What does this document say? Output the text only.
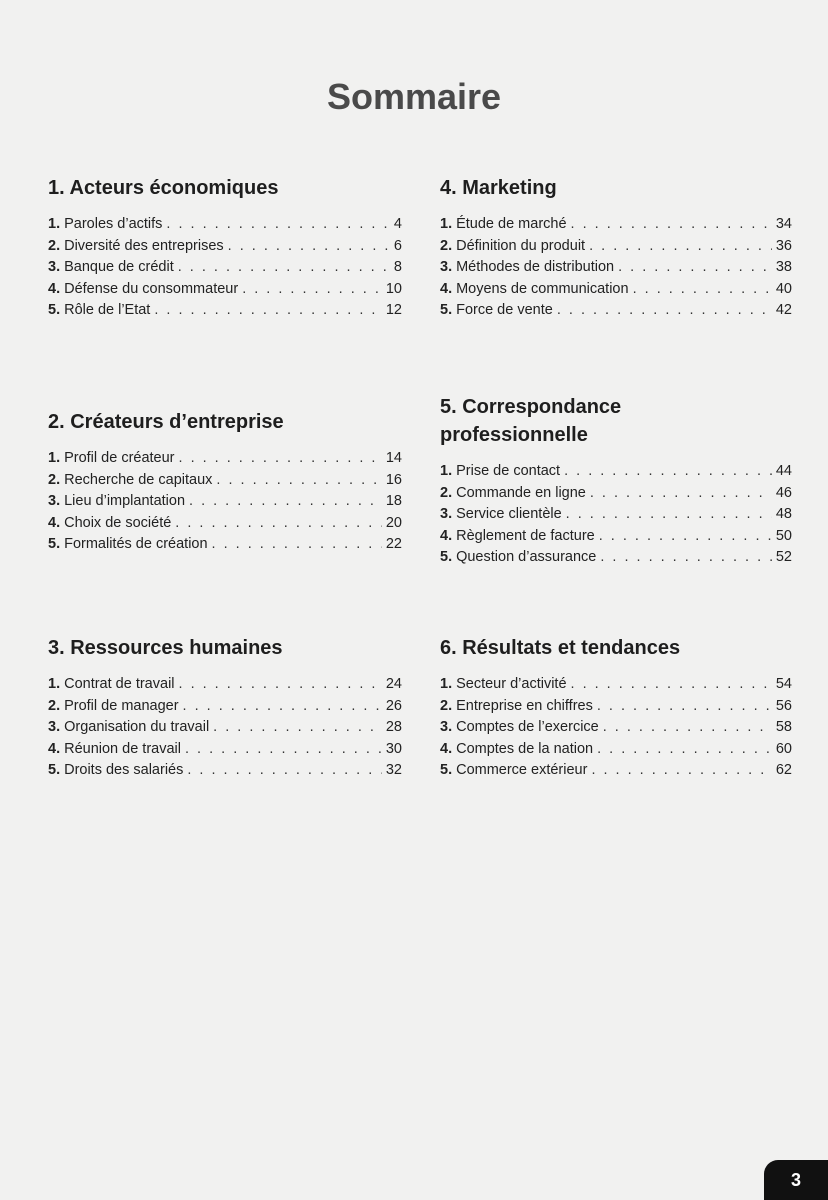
Sommaire
1. Acteurs économiques
1. Paroles d’actifs . . .	4
2. Diversité des entreprises . . .	6
3. Banque de crédit . . .	8
4. Défense du consommateur . . .	10
5. Rôle de l’Etat . . .	12
2. Créateurs d’entreprise
1. Profil de créateur . . .	14
2. Recherche de capitaux . . .	16
3. Lieu d’implantation . . .	18
4. Choix de société . . .	20
5. Formalités de création . . .	22
3. Ressources humaines
1. Contrat de travail . . .	24
2. Profil de manager . . .	26
3. Organisation du travail . . .	28
4. Réunion de travail . . .	30
5. Droits des salariés . . .	32
4. Marketing
1. Étude de marché . . .	34
2. Définition du produit . . .	36
3. Méthodes de distribution . . .	38
4. Moyens de communication . . .	40
5. Force de vente . . .	42
5. Correspondance professionnelle
1. Prise de contact . . .	44
2. Commande en ligne . . .	46
3. Service clientèle . . .	48
4. Règlement de facture . . .	50
5. Question d’assurance . . .	52
6. Résultats et tendances
1. Secteur d’activité . . .	54
2. Entreprise en chiffres . . .	56
3. Comptes de l’exercice . . .	58
4. Comptes de la nation . . .	60
5. Commerce extérieur . . .	62
3
